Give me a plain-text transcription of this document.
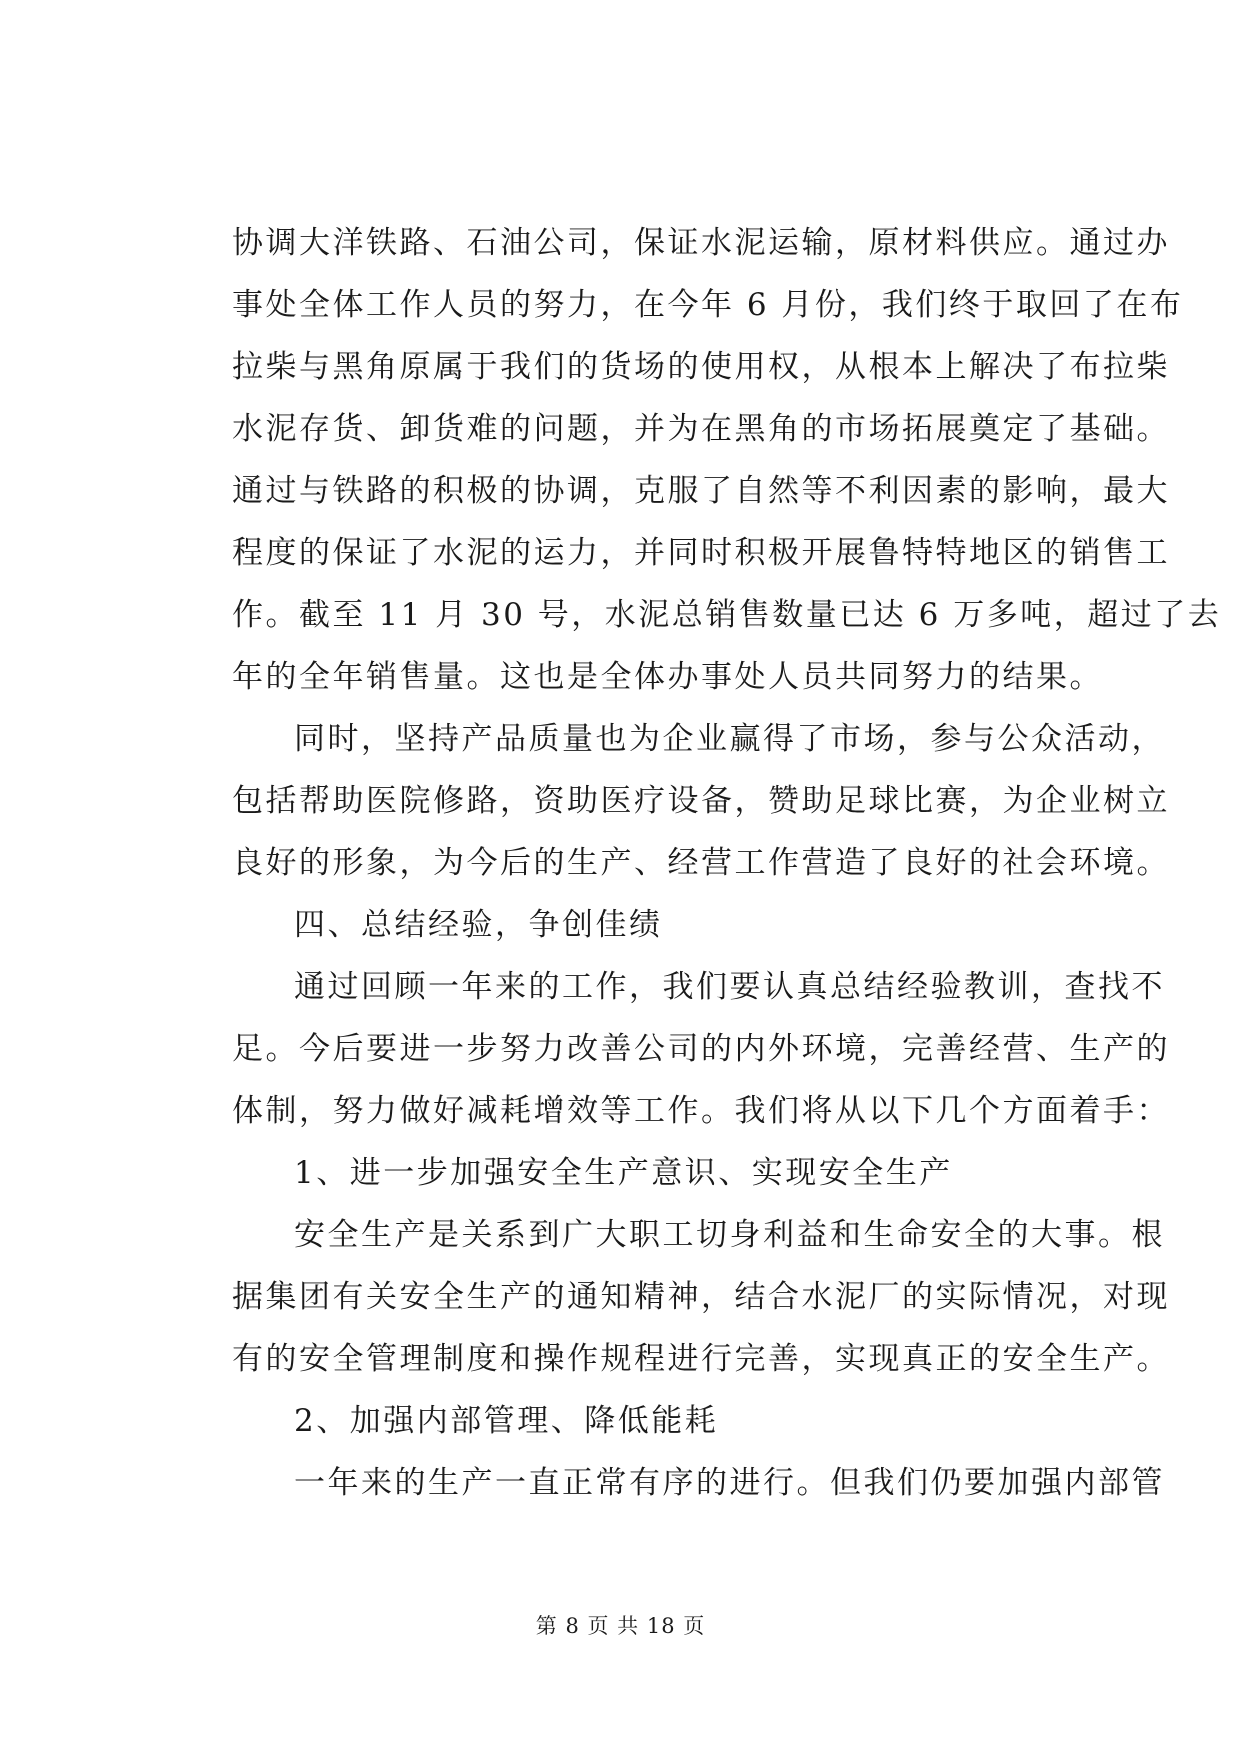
协调大洋铁路、石油公司，保证水泥运输，原材料供应。通过办
事处全体工作人员的努力，在今年 6 月份，我们终于取回了在布
拉柴与黑角原属于我们的货场的使用权，从根本上解决了布拉柴
水泥存货、卸货难的问题，并为在黑角的市场拓展奠定了基础。
通过与铁路的积极的协调，克服了自然等不利因素的影响，最大
程度的保证了水泥的运力，并同时积极开展鲁特特地区的销售工
作。截至 11 月 30 号，水泥总销售数量已达 6 万多吨，超过了去
年的全年销售量。这也是全体办事处人员共同努力的结果。
同时，坚持产品质量也为企业赢得了市场，参与公众活动，
包括帮助医院修路，资助医疗设备，赞助足球比赛，为企业树立
良好的形象，为今后的生产、经营工作营造了良好的社会环境。
四、总结经验，争创佳绩
通过回顾一年来的工作，我们要认真总结经验教训，查找不
足。今后要进一步努力改善公司的内外环境，完善经营、生产的
体制，努力做好减耗增效等工作。我们将从以下几个方面着手：
1、进一步加强安全生产意识、实现安全生产
安全生产是关系到广大职工切身利益和生命安全的大事。根
据集团有关安全生产的通知精神，结合水泥厂的实际情况，对现
有的安全管理制度和操作规程进行完善，实现真正的安全生产。
2、加强内部管理、降低能耗
一年来的生产一直正常有序的进行。但我们仍要加强内部管
第 8 页 共 18 页
